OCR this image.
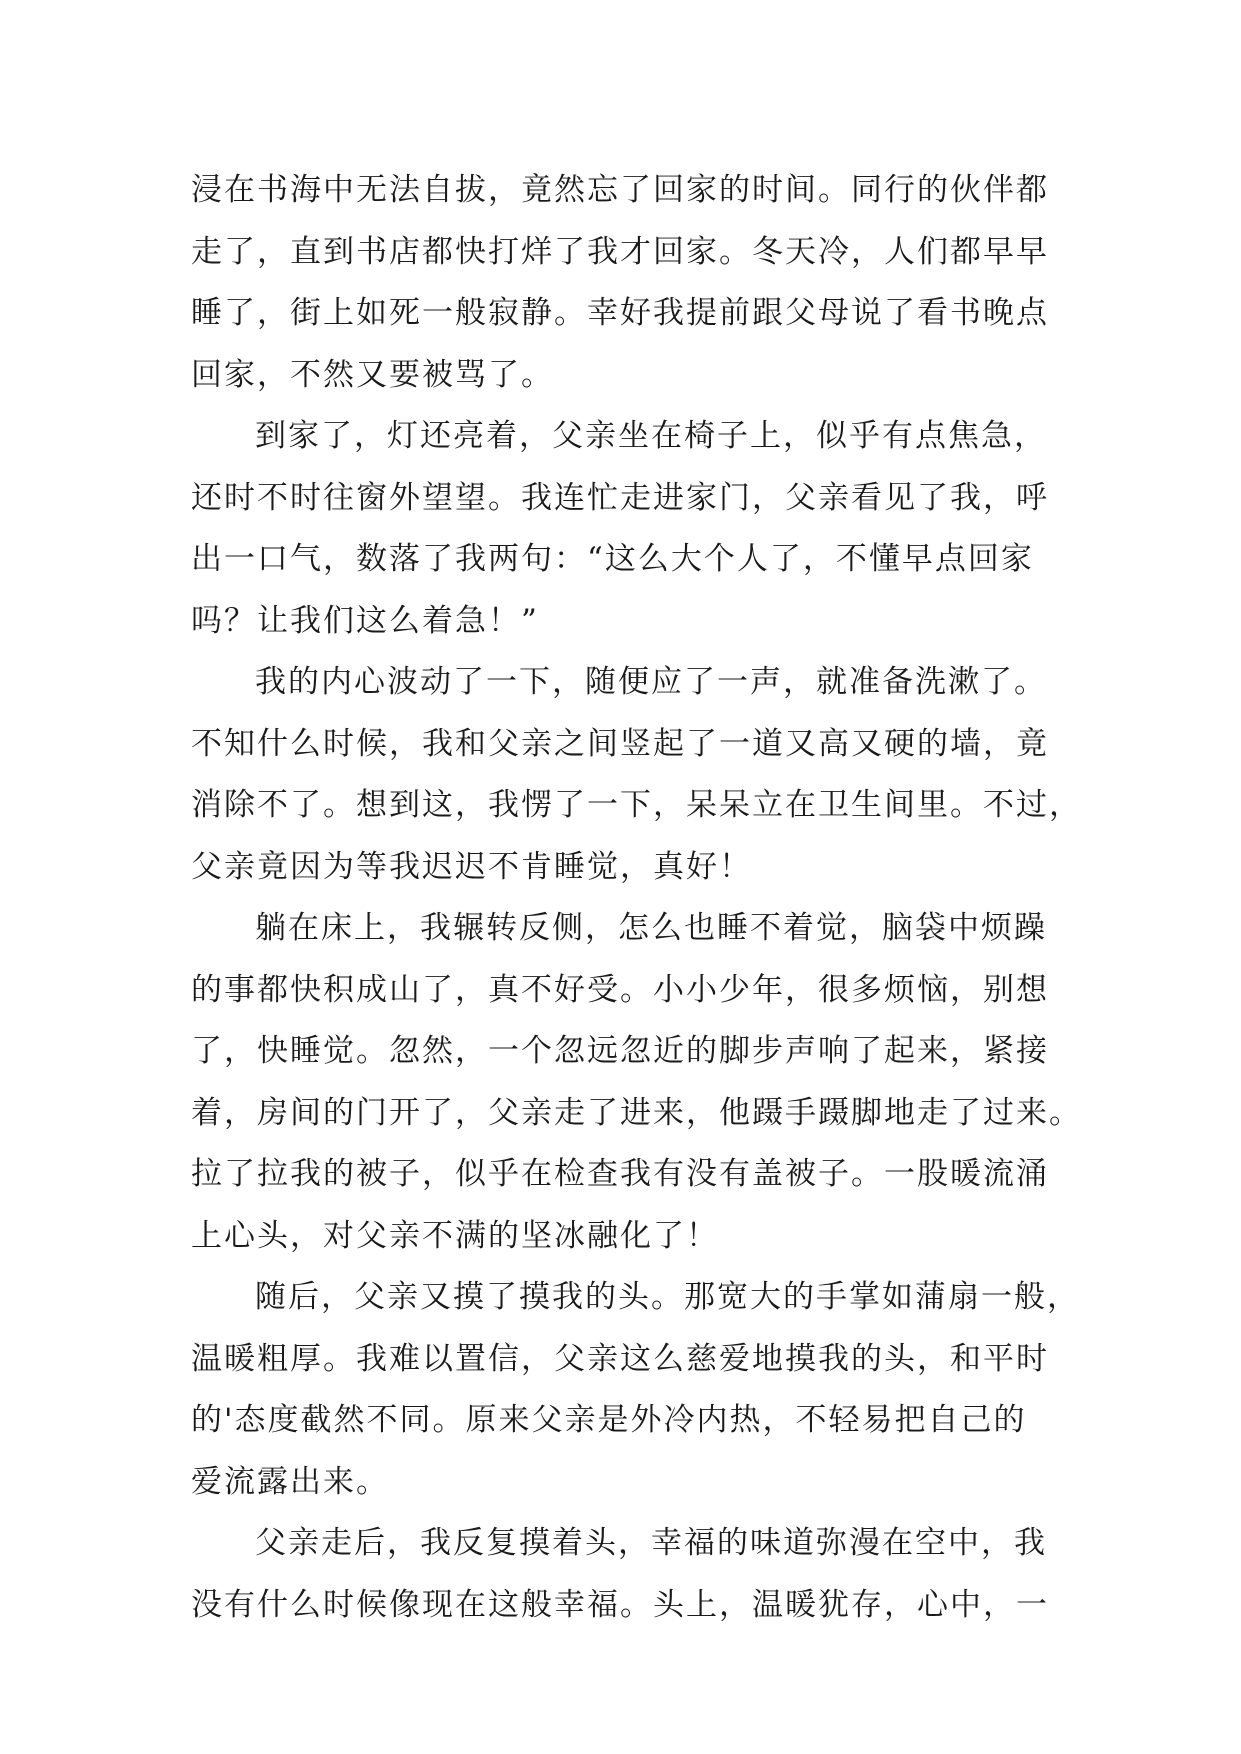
浸在书海中无法自拔，竟然忘了回家的时间。同行的伙伴都
走了，直到书店都快打烊了我才回家。冬天冷，人们都早早
睡了，街上如死一般寂静。幸好我提前跟父母说了看书晚点
回家，不然又要被骂了。
到家了，灯还亮着，父亲坐在椅子上，似乎有点焦急，
还时不时往窗外望望。我连忙走进家门，父亲看见了我，呼
出一口气，数落了我两句：“这么大个人了，不懂早点回家
吗？让我们这么着急！”
我的内心波动了一下，随便应了一声，就准备洗漱了。
不知什么时候，我和父亲之间竖起了一道又高又硬的墙，竟
消除不了。想到这，我愣了一下，呆呆立在卫生间里。不过，
父亲竟因为等我迟迟不肯睡觉，真好！
躺在床上，我辗转反侧，怎么也睡不着觉，脑袋中烦躁
的事都快积成山了，真不好受。小小少年，很多烦恼，别想
了，快睡觉。忽然，一个忽远忽近的脚步声响了起来，紧接
着，房间的门开了，父亲走了进来，他蹑手蹑脚地走了过来。
拉了拉我的被子，似乎在检查我有没有盖被子。一股暖流涌
上心头，对父亲不满的坚冰融化了！
随后，父亲又摸了摸我的头。那宽大的手掌如蒲扇一般，
温暖粗厚。我难以置信，父亲这么慈爱地摸我的头，和平时
的'态度截然不同。原来父亲是外冷内热，不轻易把自己的
爱流露出来。
父亲走后，我反复摸着头，幸福的味道弥漫在空中，我
没有什么时候像现在这般幸福。头上，温暖犹存，心中，一
